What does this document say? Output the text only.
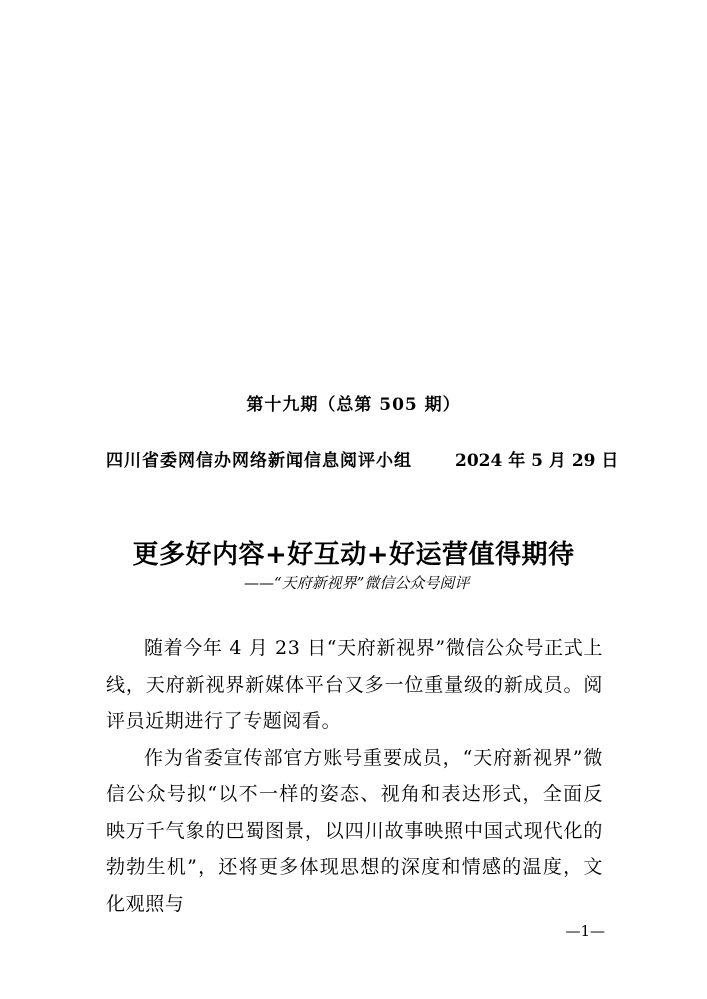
第十九期（总第 505 期）
四川省委网信办网络新闻信息阅评小组	2024 年 5 月 29 日
更多好内容+好互动+好运营值得期待
——“天府新视界”微信公众号阅评

随着今年 4 月 23 日“天府新视界”微信公众号正式上线，天府新视界新媒体平台又多一位重量级的新成员。阅评员近期进行了专题阅看。

作为省委宣传部官方账号重要成员，“天府新视界”微信公众号拟“以不一样的姿态、视角和表达形式，全面反映万千气象的巴蜀图景，以四川故事映照中国式现代化的勃勃生机”，还将更多体现思想的深度和情感的温度，文化观照与

—1—
